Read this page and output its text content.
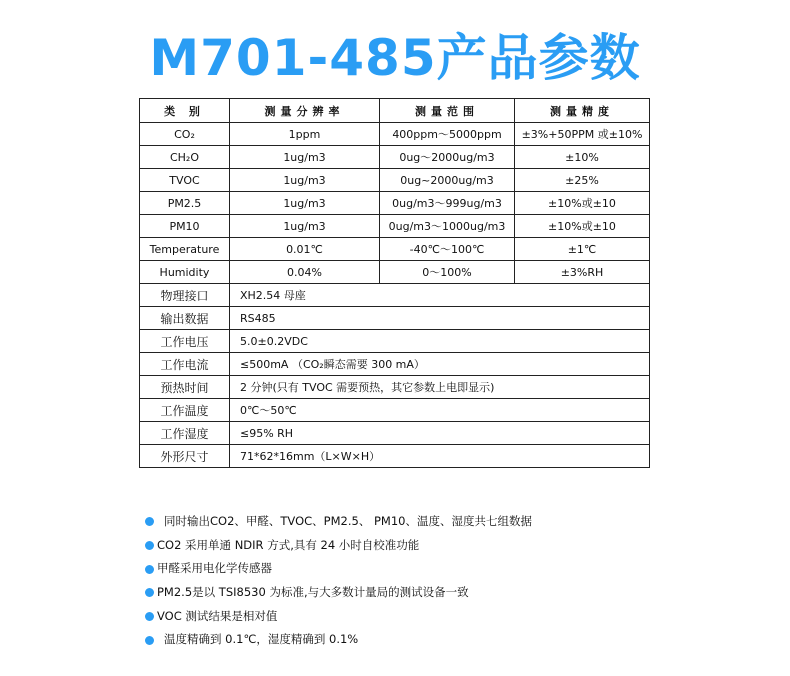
M701-485产品参数
类 别	测量分辨率	测量范围	测量精度
CO₂	1ppm	400ppm～5000ppm	±3%+50PPM 或±10%
CH₂O	1ug/m3	0ug～2000ug/m3	±10%
TVOC	1ug/m3	0ug~2000ug/m3	±25%
PM2.5	1ug/m3	0ug/m3～999ug/m3	±10%或±10
PM10	1ug/m3	0ug/m3～1000ug/m3	±10%或±10
Temperature	0.01℃	-40℃～100℃	±1℃
Humidity	0.04%	0～100%	±3%RH
物理接口	XH2.54 母座		
输出数据	RS485		
工作电压	5.0±0.2VDC		
工作电流	≤500mA （CO₂瞬态需要 300 mA）		
预热时间	2 分钟(只有 TVOC 需要预热，其它参数上电即显示)		
工作温度	0℃～50℃		
工作湿度	≤95% RH		
外形尺寸	71*62*16mm（L×W×H）		
同时输出CO2、甲醛、TVOC、PM2.5、 PM10、温度、湿度共七组数据
CO2 采用单通 NDIR 方式,具有 24 小时自校准功能
甲醛采用电化学传感器
PM2.5是以 TSI8530 为标准,与大多数计量局的测试设备一致
VOC 测试结果是相对值
温度精确到 0.1℃，湿度精确到 0.1%
